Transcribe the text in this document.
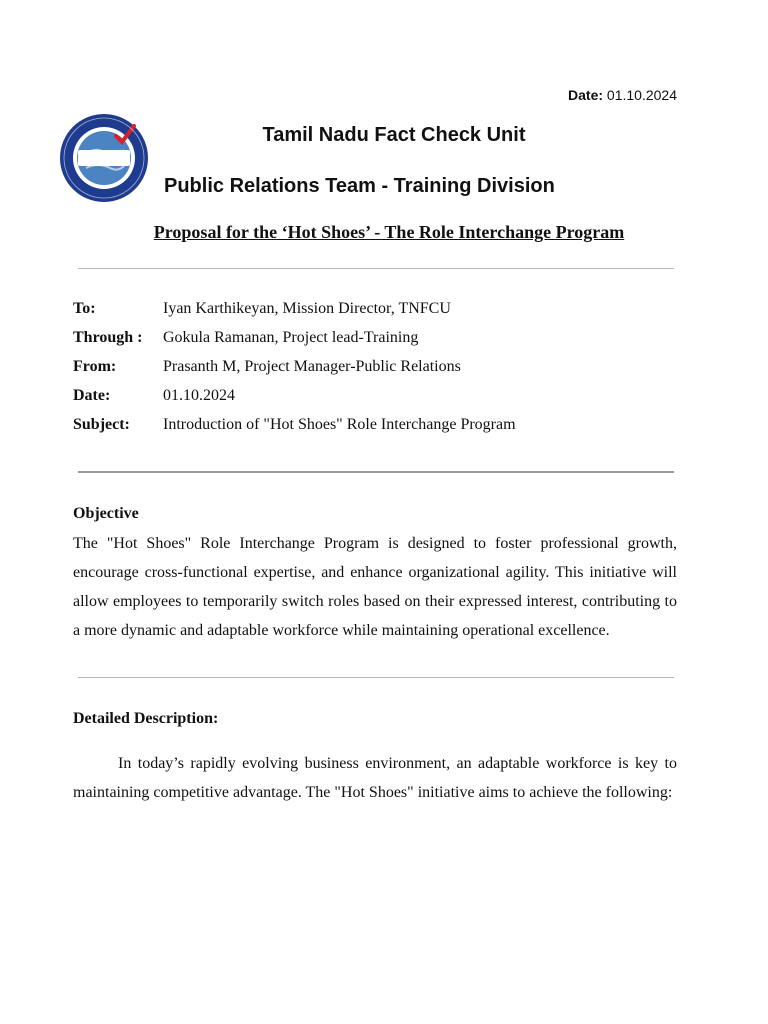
Date: 01.10.2024
Tamil Nadu Fact Check Unit
Public Relations Team - Training Division
Proposal for the ‘Hot Shoes’ - The Role Interchange Program
To:	Iyan Karthikeyan, Mission Director, TNFCU
Through :	Gokula Ramanan, Project lead-Training
From:	Prasanth M, Project Manager-Public Relations
Date:	01.10.2024
Subject:	Introduction of "Hot Shoes" Role Interchange Program
Objective
The "Hot Shoes" Role Interchange Program is designed to foster professional growth, encourage cross-functional expertise, and enhance organizational agility. This initiative will allow employees to temporarily switch roles based on their expressed interest, contributing to a more dynamic and adaptable workforce while maintaining operational excellence.
Detailed Description:
In today’s rapidly evolving business environment, an adaptable workforce is key to maintaining competitive advantage. The "Hot Shoes" initiative aims to achieve the following:
